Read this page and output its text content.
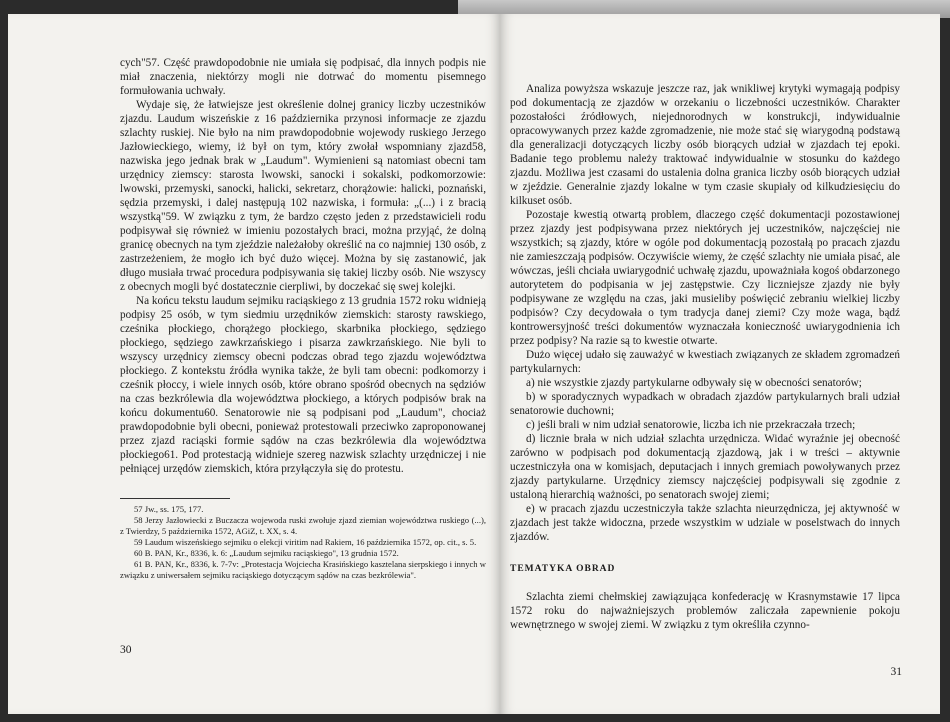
cych"57. Część prawdopodobnie nie umiała się podpisać, dla innych podpis nie miał znaczenia, niektórzy mogli nie dotrwać do momentu pisemnego formułowania uchwały.

Wydaje się, że łatwiejsze jest określenie dolnej granicy liczby uczestników zjazdu. Laudum wiszeńskie z 16 października przynosi informacje ze zjazdu szlachty ruskiej. Nie było na nim prawdopodobnie wojewody ruskiego Jerzego Jazłowieckiego, wiemy, iż był on tym, który zwołał wspomniany zjazd58, nazwiska jego jednak brak w „Laudum". Wymienieni są natomiast obecni tam urzędnicy ziemscy: starosta lwowski, sanocki i sokalski, podkomorzowie: lwowski, przemyski, sanocki, halicki, sekretarz, chorążowie: halicki, poznański, sędzia przemyski, i dalej następują 102 nazwiska, i formuła: „(...) i z bracią wszystką"59. W związku z tym, że bardzo często jeden z przedstawicieli rodu podpisywał się również w imieniu pozostałych braci, można przyjąć, że dolną granicę obecnych na tym zjeździe należałoby określić na co najmniej 130 osób, z zastrzeżeniem, że mogło ich być dużo więcej. Można by się zastanowić, jak długo musiała trwać procedura podpisywania się takiej liczby osób. Nie wszyscy z obecnych mogli być dostatecznie cierpliwi, by doczekać się swej kolejki.

Na końcu tekstu laudum sejmiku raciąskiego z 13 grudnia 1572 roku widnieją podpisy 25 osób, w tym siedmiu urzędników ziemskich: starosty rawskiego, cześnika płockiego, chorążego płockiego, skarbnika płockiego, sędziego płockiego, sędziego zawkrzańskiego i pisarza zawkrzańskiego. Nie byli to wszyscy urzędnicy ziemscy obecni podczas obrad tego zjazdu województwa płockiego. Z kontekstu źródła wynika także, że byli tam obecni: podkomorzy i cześnik płoccy, i wiele innych osób, które obrano spośród obecnych na sędziów na czas bezkrólewia dla województwa płockiego, a których podpisów brak na końcu dokumentu60. Senatorowie nie są podpisani pod „Laudum", chociaż prawdopodobnie byli obecni, ponieważ protestowali przeciwko zaproponowanej przez zjazd raciąski formie sądów na czas bezkrólewia dla województwa płockiego61. Pod protestacją widnieje szereg nazwisk szlachty urzędniczej i nie pełniącej urzędów ziemskich, która przyłączyła się do protestu.

57 Jw., ss. 175, 177.

58 Jerzy Jazłowiecki z Buczacza wojewoda ruski zwołuje zjazd ziemian województwa ruskiego (...), z Twierdzy, 5 października 1572, AGiZ, t. XX, s. 4.

59 Laudum wiszeńskiego sejmiku o elekcji viritim nad Rakiem, 16 października 1572, op. cit., s. 5.

60 B. PAN, Kr., 8336, k. 6: „Laudum sejmiku raciąskiego", 13 grudnia 1572.

61 B. PAN, Kr., 8336, k. 7-7v: „Protestacja Wojciecha Krasińskiego kasztelana sierpskiego i innych w związku z uniwersałem sejmiku raciąskiego dotyczącym sądów na czas bezkrólewia".

30

Analiza powyższa wskazuje jeszcze raz, jak wnikliwej krytyki wymagają podpisy pod dokumentacją ze zjazdów w orzekaniu o liczebności uczestników. Charakter pozostałości źródłowych, niejednorodnych w konstrukcji, indywidualnie opracowywanych przez każde zgromadzenie, nie może stać się wiarygodną podstawą dla generalizacji dotyczących liczby osób biorących udział w zjazdach tej epoki. Badanie tego problemu należy traktować indywidualnie w stosunku do każdego zjazdu. Możliwa jest czasami do ustalenia dolna granica liczby osób biorących udział w zjeździe. Generalnie zjazdy lokalne w tym czasie skupiały od kilkudziesięciu do kilkuset osób.

Pozostaje kwestią otwartą problem, dlaczego część dokumentacji pozostawionej przez zjazdy jest podpisywana przez niektórych jej uczestników, najczęściej nie wszystkich; są zjazdy, które w ogóle pod dokumentacją pozostałą po pracach zjazdu nie zamieszczają podpisów. Oczywiście wiemy, że część szlachty nie umiała pisać, ale wówczas, jeśli chciała uwiarygodnić uchwałę zjazdu, upoważniała kogoś obdarzonego autorytetem do podpisania w jej zastępstwie. Czy liczniejsze zjazdy nie były podpisywane ze względu na czas, jaki musieliby poświęcić zebraniu wielkiej liczby podpisów? Czy decydowała o tym tradycja danej ziemi? Czy może waga, bądź kontrowersyjność treści dokumentów wyznaczała konieczność uwiarygodnienia ich przez podpisy? Na razie są to kwestie otwarte.

Dużo więcej udało się zauważyć w kwestiach związanych ze składem zgromadzeń partykularnych:

a) nie wszystkie zjazdy partykularne odbywały się w obecności senatorów;

b) w sporadycznych wypadkach w obradach zjazdów partykularnych brali udział senatorowie duchowni;

c) jeśli brali w nim udział senatorowie, liczba ich nie przekraczała trzech;

d) licznie brała w nich udział szlachta urzędnicza. Widać wyraźnie jej obecność zarówno w podpisach pod dokumentacją zjazdową, jak i w treści – aktywnie uczestniczyła ona w komisjach, deputacjach i innych gremiach powoływanych przez zjazdy partykularne. Urzędnicy ziemscy najczęściej podpisywali się zgodnie z ustaloną hierarchią ważności, po senatorach swojej ziemi;

e) w pracach zjazdu uczestniczyła także szlachta nieurzędnicza, jej aktywność w zjazdach jest także widoczna, przede wszystkim w udziale w poselstwach do innych zjazdów.

TEMATYKA OBRAD

Szlachta ziemi chełmskiej zawiązująca konfederację w Krasnymstawie 17 lipca 1572 roku do najważniejszych problemów zaliczała zapewnienie pokoju wewnętrznego w swojej ziemi. W związku z tym określiła czynno-

31
